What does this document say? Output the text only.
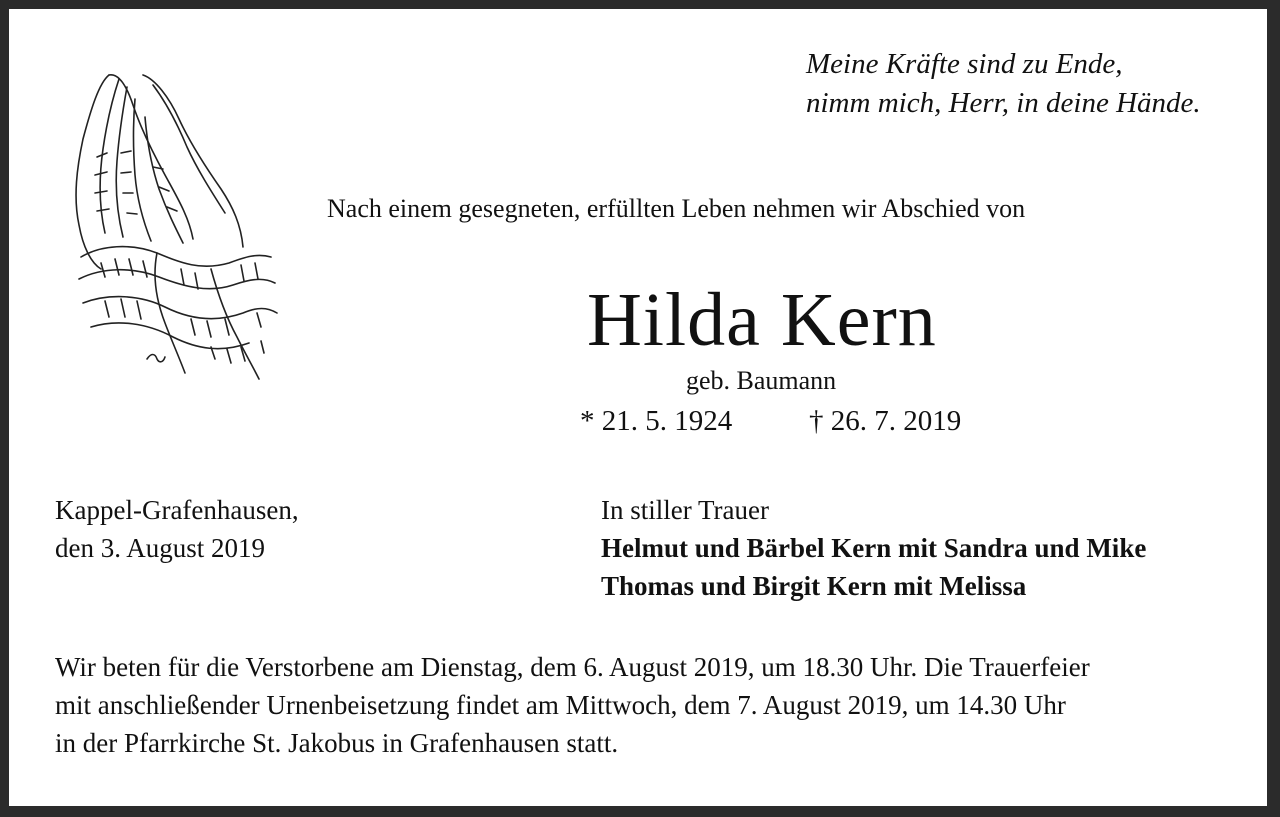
Meine Kräfte sind zu Ende,
nimm mich, Herr, in deine Hände.
Nach einem gesegneten, erfüllten Leben nehmen wir Abschied von
Hilda Kern
geb. Baumann
* 21. 5. 1924	† 26. 7. 2019
Kappel-Grafenhausen,
den 3. August 2019
In stiller Trauer
Helmut und Bärbel Kern mit Sandra und Mike
Thomas und Birgit Kern mit Melissa
Wir beten für die Verstorbene am Dienstag, dem 6. August 2019, um 18.30 Uhr. Die Trauerfeier
mit anschließender Urnenbeisetzung findet am Mittwoch, dem 7. August 2019, um 14.30 Uhr
in der Pfarrkirche St. Jakobus in Grafenhausen statt.
